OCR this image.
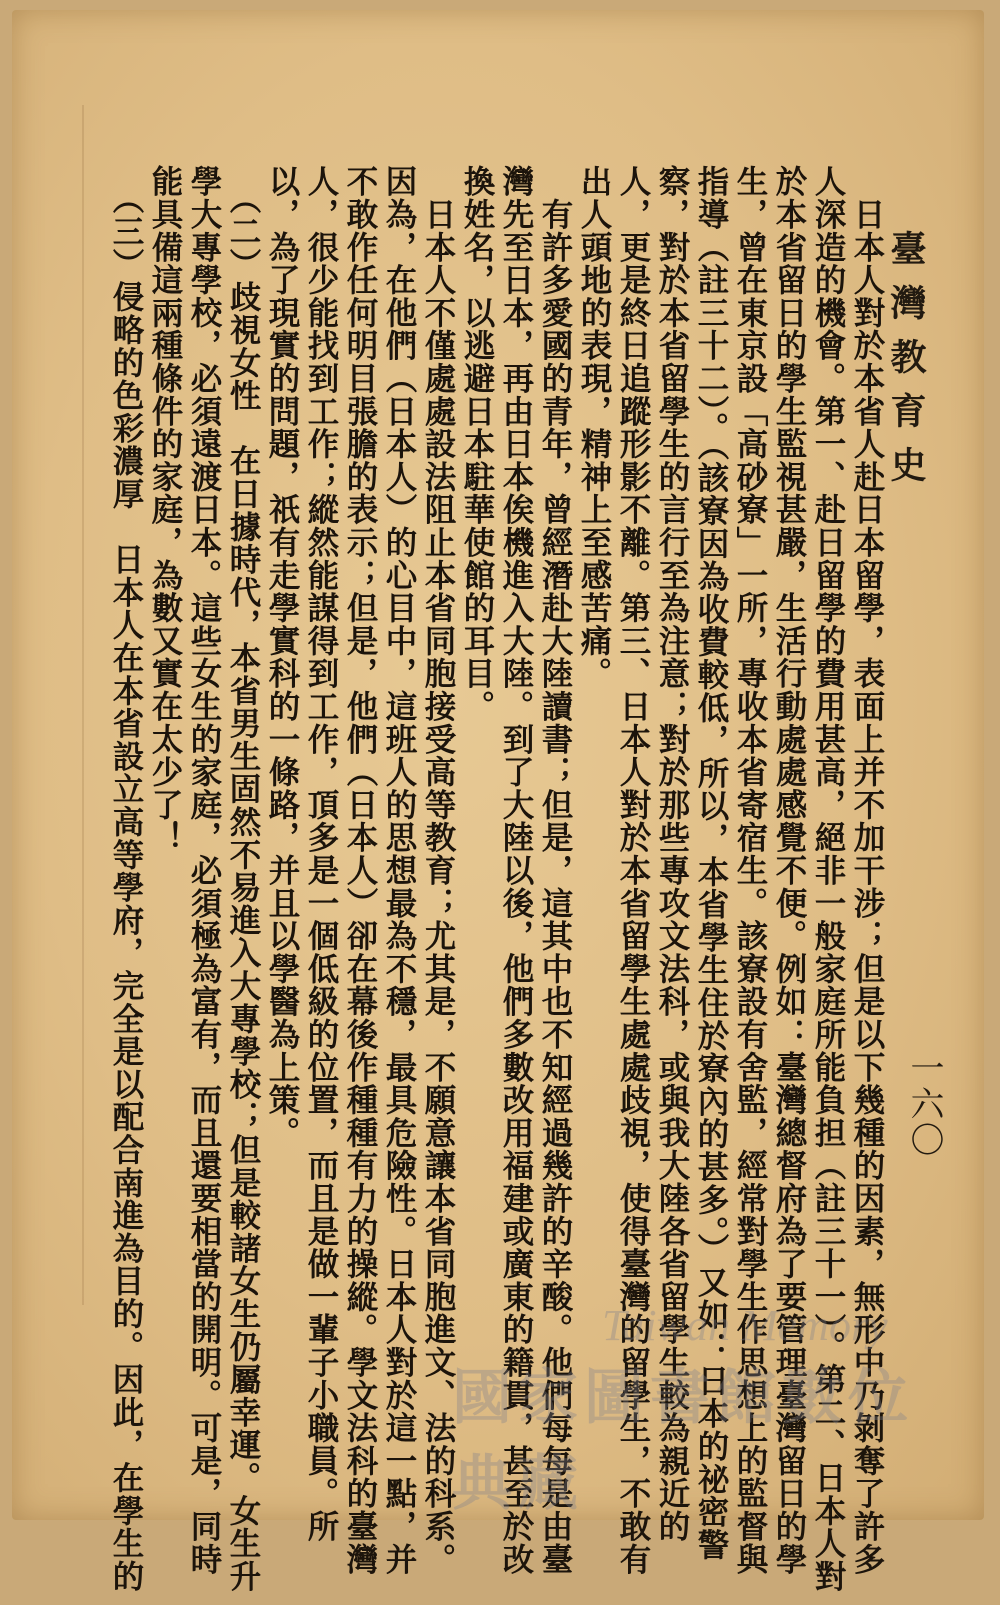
臺灣教育史
一六〇

　日本人對於本省人赴日本留學，表面上并不加干涉；但是以下幾種的因素，無形中乃剝奪了許多人深造的機會。第一、赴日留學的費用甚高，絕非一般家庭所能負担（註三十一）。第二、日本人對於本省留日的學生監視甚嚴，生活行動處處感覺不便。例如：臺灣總督府為了要管理臺灣留日的學生，曾在東京設「高砂寮」一所，專收本省寄宿生。該寮設有舍監，經常對學生作思想上的監督與指導（註三十二）。（該寮因為收費較低，所以，本省學生住於寮內的甚多。）又如：日本的祕密警察，對於本省留學生的言行至為注意；對於那些專攻文法科，或與我大陸各省留學生較為親近的人，更是終日追蹤形影不離。第三、日本人對於本省留學生處處歧視，使得臺灣的留學生，不敢有出人頭地的表現，精神上至感苦痛。

　有許多愛國的青年，曾經潛赴大陸讀書；但是，這其中也不知經過幾許的辛酸。他們每每是由臺灣先至日本，再由日本俟機進入大陸。到了大陸以後，他們多數改用福建或廣東的籍貫，甚至於改換姓名，以逃避日本駐華使館的耳目。

　日本人不僅處處設法阻止本省同胞接受高等教育；尤其是，不願意讓本省同胞進文、法的科系。因為，在他們（日本人）的心目中，這班人的思想最為不穩，最具危險性。日本人對於這一點，并不敢作任何明目張膽的表示；但是，他們（日本人）卻在幕後作種種有力的操縱。學文法科的臺灣人，很少能找到工作；縱然能謀得到工作，頂多是一個低級的位置，而且是做一輩子小職員。所以，為了現實的問題，祇有走學實科的一條路，并且以學醫為上策。

　（二）歧視女性　在日據時代，本省男生固然不易進入大專學校；但是較諸女生仍屬幸運。女生升學大專學校，必須遠渡日本。這些女生的家庭，必須極為富有，而且還要相當的開明。可是，同時能具備這兩種條件的家庭，為數又實在太少了！

　（三）侵略的色彩濃厚　日本人在本省設立高等學府，完全是以配合南進為目的。因此，在學生的	Taiwan Memory
國家圖書館數位典藏
